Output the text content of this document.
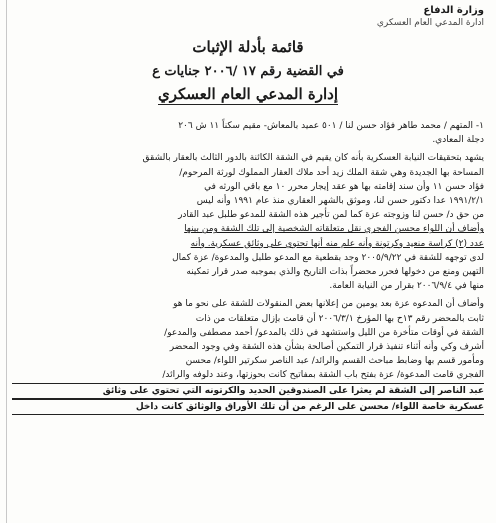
وزارة الدفاع
ادارة المدعي العام العسكري
قائمة بأدلة الإثبات
في القضية رقم ١٧ /٢٠٠٦ جنايات ع
إدارة المدعي العام العسكري

١- المتهم / محمد طاهر فؤاد حسن لنا / ٥٠١ عميد بالمعاش- مقيم سكناً ١١ ش ٢٠٦

دجلة المعادي.

يشهد بتحقيقات النيابة العسكرية بأنه كان يقيم في الشقة الكائنة بالدور الثالث بالعقار بالشقق

المساحة بها الجديدة وهي شقة الملك زيد أحد ملاك العقار المملوك لورثة المرحوم/

فؤاد حسن ١١ وأن سند إقامته بها هو عقد إيجار محرر ١٠ مع باقي الورثه في

١٩٩١/٢/١ عدا دكتور حسن لنا، وموثق بالشهر العقاري منذ عام ١٩٩١ وأنه ليس

من حق د/ حسن لنا وزوجته عزة كما لمن تأجير هذه الشقة للمدعو طلبل عبد القادر

وأضاف أن اللواء محسن الفجري نقل متعلقاته الشخصية إلى تلك الشقة ومن بينها

عدد (٢) كراسة منعيد وكرتونة وأنه علم منه أنها تحتوي على وثائق عسكرية. وأنه

لدى توجهه للشقة في ٢٠٠٥/٩/٢٢ وجد بقطعية مع المدعو طلبل والمدعوة/ عزة كمال

التهين ومنع من دخولها فحرر محضراً بذات التاريخ والذي بموجبه صدر قرار تمكينه

منها في ٢٠٠٦/٩/٤ بقرار من النيابة العامة.

وأضاف أن المدعوه عزة بعد يومين من إعلانها بعض المنقولات للشقة على نحو ما هو

ثابت بالمحضر رقم ١٣ح بها المؤرخ ٢٠٠٦/٣/١ أن قامت بإزال متعلقات من ذات

الشقة في أوقات متأخرة من الليل واستشهد في ذلك بالمدعو/ أحمد مصطفى والمدعو/

أشرف وكي وأنه أثناء تنفيذ قرار التمكين أصالحة بشأن هذه الشقة وفي وجود المحضر

ومأمور قسم بها وضابط مباحث القسم والرائد/ عبد الناصر سكرتير اللواء/ محسن

الفجري قامت المدعوة/ عزة بفتح باب الشقة بمفاتيح كانت بحوزتها، وعند دلوفه والرائد/

عبد الناصر إلى الشقة لم يعثرا على الصندوقين الحديد والكرتونه التي تحتوي على وثائق

عسكرية خاصة اللواء/ محسن على الرغم من أن تلك الأوراق والوثائق كانت داخل
